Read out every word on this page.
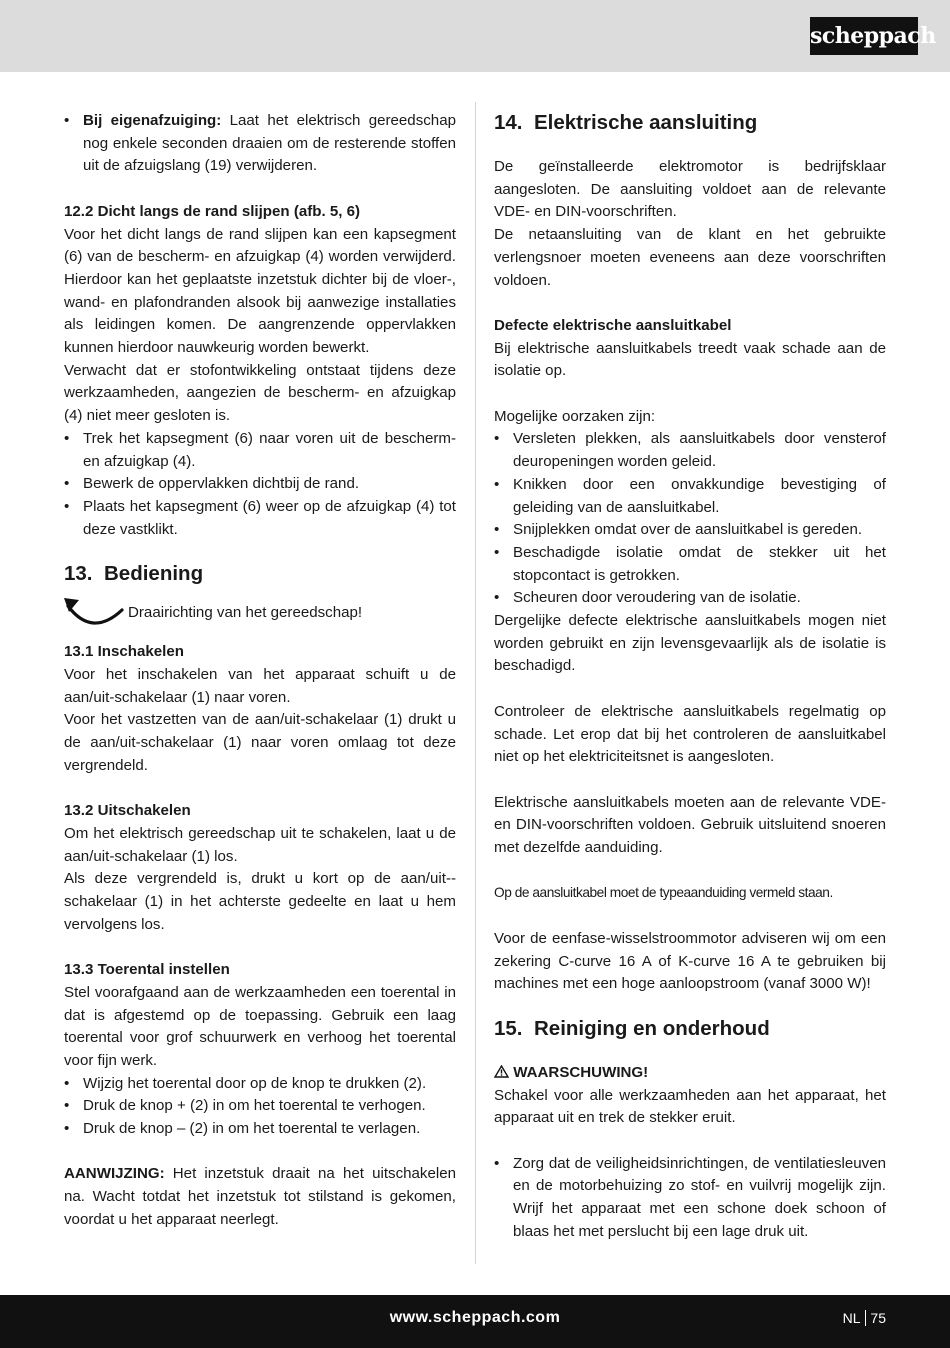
scheppach
• Bij eigenafzuiging: Laat het elektrisch gereedschap nog enkele seconden draaien om de resterende stoffen uit de afzuigslang (19) verwijderen.
12.2 Dicht langs de rand slijpen (afb. 5, 6)

Voor het dicht langs de rand slijpen kan een kapsegment (6) van de bescherm- en afzuigkap (4) worden verwijderd. Hierdoor kan het geplaatste inzetstuk dichter bij de vloer-, wand- en plafondranden alsook bij aanwezige installaties als leidingen komen. De aangrenzende oppervlakken kunnen hierdoor nauwkeurig worden bewerkt.

Verwacht dat er stofontwikkeling ontstaat tijdens deze werkzaamheden, aangezien de bescherm- en afzuigkap (4) niet meer gesloten is.

• Trek het kapsegment (6) naar voren uit de bescherm- en afzuigkap (4).
• Bewerk de oppervlakken dichtbij de rand.
• Plaats het kapsegment (6) weer op de afzuigkap (4) tot deze vastklikt.
13. Bediening
Draairichting van het gereedschap!
13.1 Inschakelen

Voor het inschakelen van het apparaat schuift u de aan/uit-schakelaar (1) naar voren.

Voor het vastzetten van de aan/uit-schakelaar (1) drukt u de aan/uit-schakelaar (1) naar voren omlaag tot deze vergrendeld.

13.2 Uitschakelen

Om het elektrisch gereedschap uit te schakelen, laat u de aan/uit-schakelaar (1) los.

Als deze vergrendeld is, drukt u kort op de aan/uit--schakelaar (1) in het achterste gedeelte en laat u hem vervolgens los.

13.3 Toerental instellen

Stel voorafgaand aan de werkzaamheden een toerental in dat is afgestemd op de toepassing. Gebruik een laag toerental voor grof schuurwerk en verhoog het toerental voor fijn werk.

• Wijzig het toerental door op de knop te drukken (2).
• Druk de knop + (2) in om het toerental te verhogen.
• Druk de knop – (2) in om het toerental te verlagen.

AANWIJZING: Het inzetstuk draait na het uitschakelen na. Wacht totdat het inzetstuk tot stilstand is gekomen, voordat u het apparaat neerlegt.

14. Elektrische aansluiting

De geïnstalleerde elektromotor is bedrijfsklaar aangesloten. De aansluiting voldoet aan de relevante VDE- en DIN-voorschriften.

De netaansluiting van de klant en het gebruikte verlengsnoer moeten eveneens aan deze voorschriften voldoen.

Defecte elektrische aansluitkabel

Bij elektrische aansluitkabels treedt vaak schade aan de isolatie op.

Mogelijke oorzaken zijn:

• Versleten plekken, als aansluitkabels door vensterof deuropeningen worden geleid.
• Knikken door een onvakkundige bevestiging of geleiding van de aansluitkabel.
• Snijplekken omdat over de aansluitkabel is gereden.
• Beschadigde isolatie omdat de stekker uit het stopcontact is getrokken.
• Scheuren door veroudering van de isolatie.

Dergelijke defecte elektrische aansluitkabels mogen niet worden gebruikt en zijn levensgevaarlijk als de isolatie is beschadigd.

Controleer de elektrische aansluitkabels regelmatig op schade. Let erop dat bij het controleren de aansluitkabel niet op het elektriciteitsnet is aangesloten.

Elektrische aansluitkabels moeten aan de relevante VDE- en DIN-voorschriften voldoen. Gebruik uitsluitend snoeren met dezelfde aanduiding.

Op de aansluitkabel moet de typeaanduiding vermeld staan.

Voor de eenfase-wisselstroommotor adviseren wij om een zekering C-curve 16 A of K-curve 16 A te gebruiken bij machines met een hoge aanloopstroom (vanaf 3000 W)!

15. Reiniging en onderhoud
WAARSCHUWING!

Schakel voor alle werkzaamheden aan het apparaat, het apparaat uit en trek de stekker eruit.

• Zorg dat de veiligheidsinrichtingen, de ventilatiesleuven en de motorbehuizing zo stof- en vuilvrij mogelijk zijn. Wrijf het apparaat met een schone doek schoon of blaas het met perslucht bij een lage druk uit.
www.scheppach.com	NL 75
